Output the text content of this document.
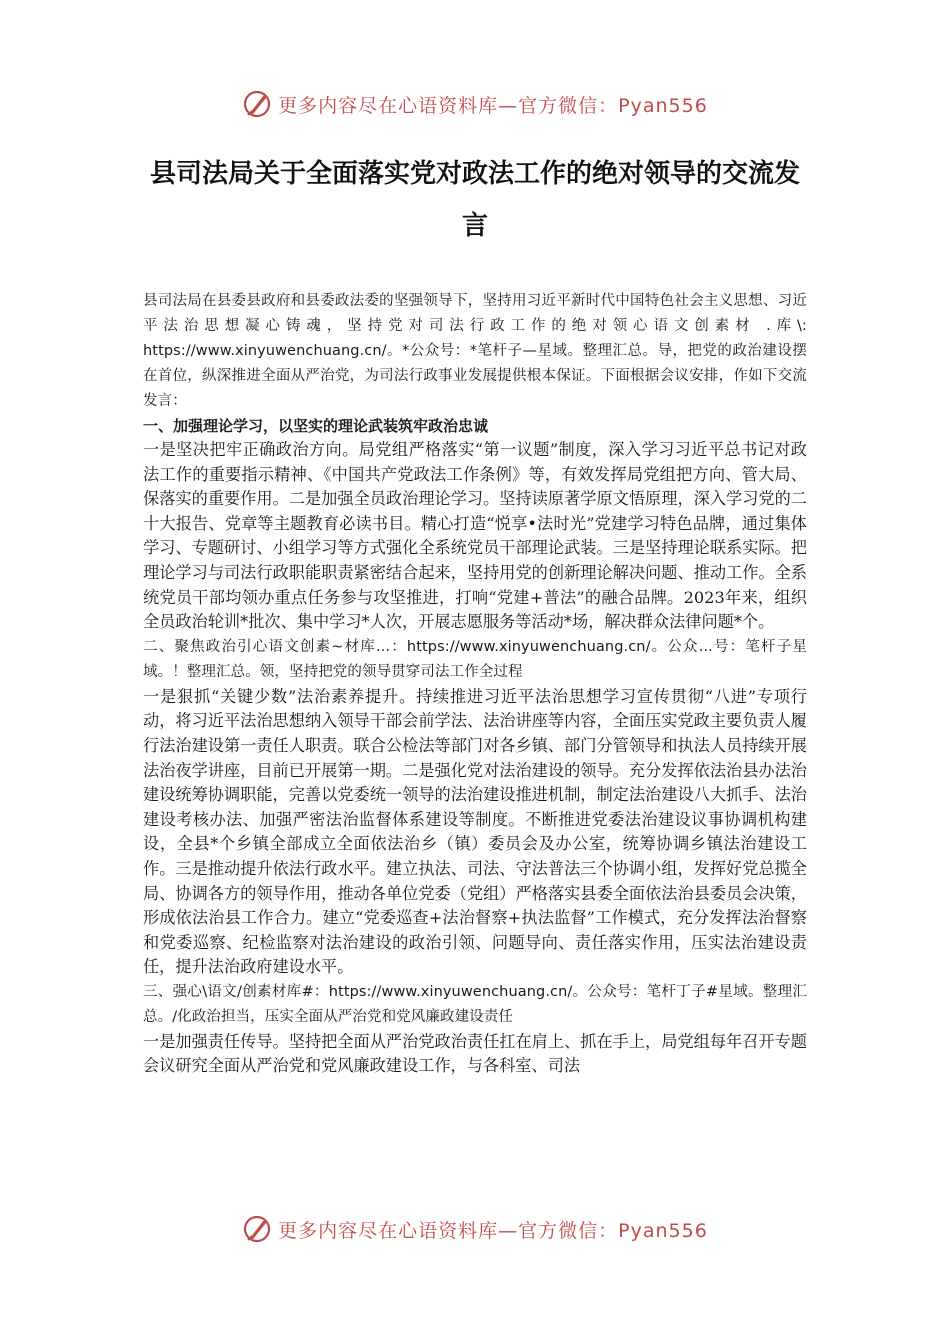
更多内容尽在心语资料库—官方微信：Pyan556
县司法局关于全面落实党对政法工作的绝对领导的交流发言

县司法局在县委县政府和县委政法委的坚强领导下，坚持用习近平新时代中国特色社会主义思想、习近平法治思想凝心铸魂，坚持党对司法行政工作的绝对领心语文创素材 .库\: https://www.xinyuwenchuang.cn/。*公众号：*笔杆子—星域。整理汇总。导，把党的政治建设摆在首位，纵深推进全面从严治党，为司法行政事业发展提供根本保证。下面根据会议安排，作如下交流发言：

一、加强理论学习，以坚实的理论武装筑牢政治忠诚

一是坚决把牢正确政治方向。局党组严格落实“第一议题”制度，深入学习习近平总书记对政法工作的重要指示精神、《中国共产党政法工作条例》等，有效发挥局党组把方向、管大局、保落实的重要作用。二是加强全员政治理论学习。坚持读原著学原文悟原理，深入学习党的二十大报告、党章等主题教育必读书目。精心打造“悦享•法时光”党建学习特色品牌，通过集体学习、专题研讨、小组学习等方式强化全系统党员干部理论武装。三是坚持理论联系实际。把理论学习与司法行政职能职责紧密结合起来，坚持用党的创新理论解决问题、推动工作。全系统党员干部均领办重点任务参与攻坚推进，打响“党建+普法”的融合品牌。2023年来，组织全员政治轮训*批次、集中学习*人次，开展志愿服务等活动*场，解决群众法律问题*个。

二、聚焦政治引心语文创素~材库...：https://www.xinyuwenchuang.cn/。公众...号：笔杆子星域。！整理汇总。领，坚持把党的领导贯穿司法工作全过程

一是狠抓“关键少数”法治素养提升。持续推进习近平法治思想学习宣传贯彻“八进”专项行动，将习近平法治思想纳入领导干部会前学法、法治讲座等内容，全面压实党政主要负责人履行法治建设第一责任人职责。联合公检法等部门对各乡镇、部门分管领导和执法人员持续开展法治夜学讲座，目前已开展第一期。二是强化党对法治建设的领导。充分发挥依法治县办法治建设统筹协调职能，完善以党委统一领导的法治建设推进机制，制定法治建设八大抓手、法治建设考核办法、加强严密法治监督体系建设等制度。不断推进党委法治建设议事协调机构建设，全县*个乡镇全部成立全面依法治乡（镇）委员会及办公室，统筹协调乡镇法治建设工作。三是推动提升依法行政水平。建立执法、司法、守法普法三个协调小组，发挥好党总揽全局、协调各方的领导作用，推动各单位党委（党组）严格落实县委全面依法治县委员会决策，形成依法治县工作合力。建立“党委巡查+法治督察+执法监督”工作模式，充分发挥法治督察和党委巡察、纪检监察对法治建设的政治引领、问题导向、责任落实作用，压实法治建设责任，提升法治政府建设水平。

三、强心\语文/创素材库#：https://www.xinyuwenchuang.cn/。公众号：笔杆丁子#星域。整理汇总。/化政治担当，压实全面从严治党和党风廉政建设责任

一是加强责任传导。坚持把全面从严治党政治责任扛在肩上、抓在手上，局党组每年召开专题会议研究全面从严治党和党风廉政建设工作，与各科室、司法

更多内容尽在心语资料库—官方微信：Pyan556
